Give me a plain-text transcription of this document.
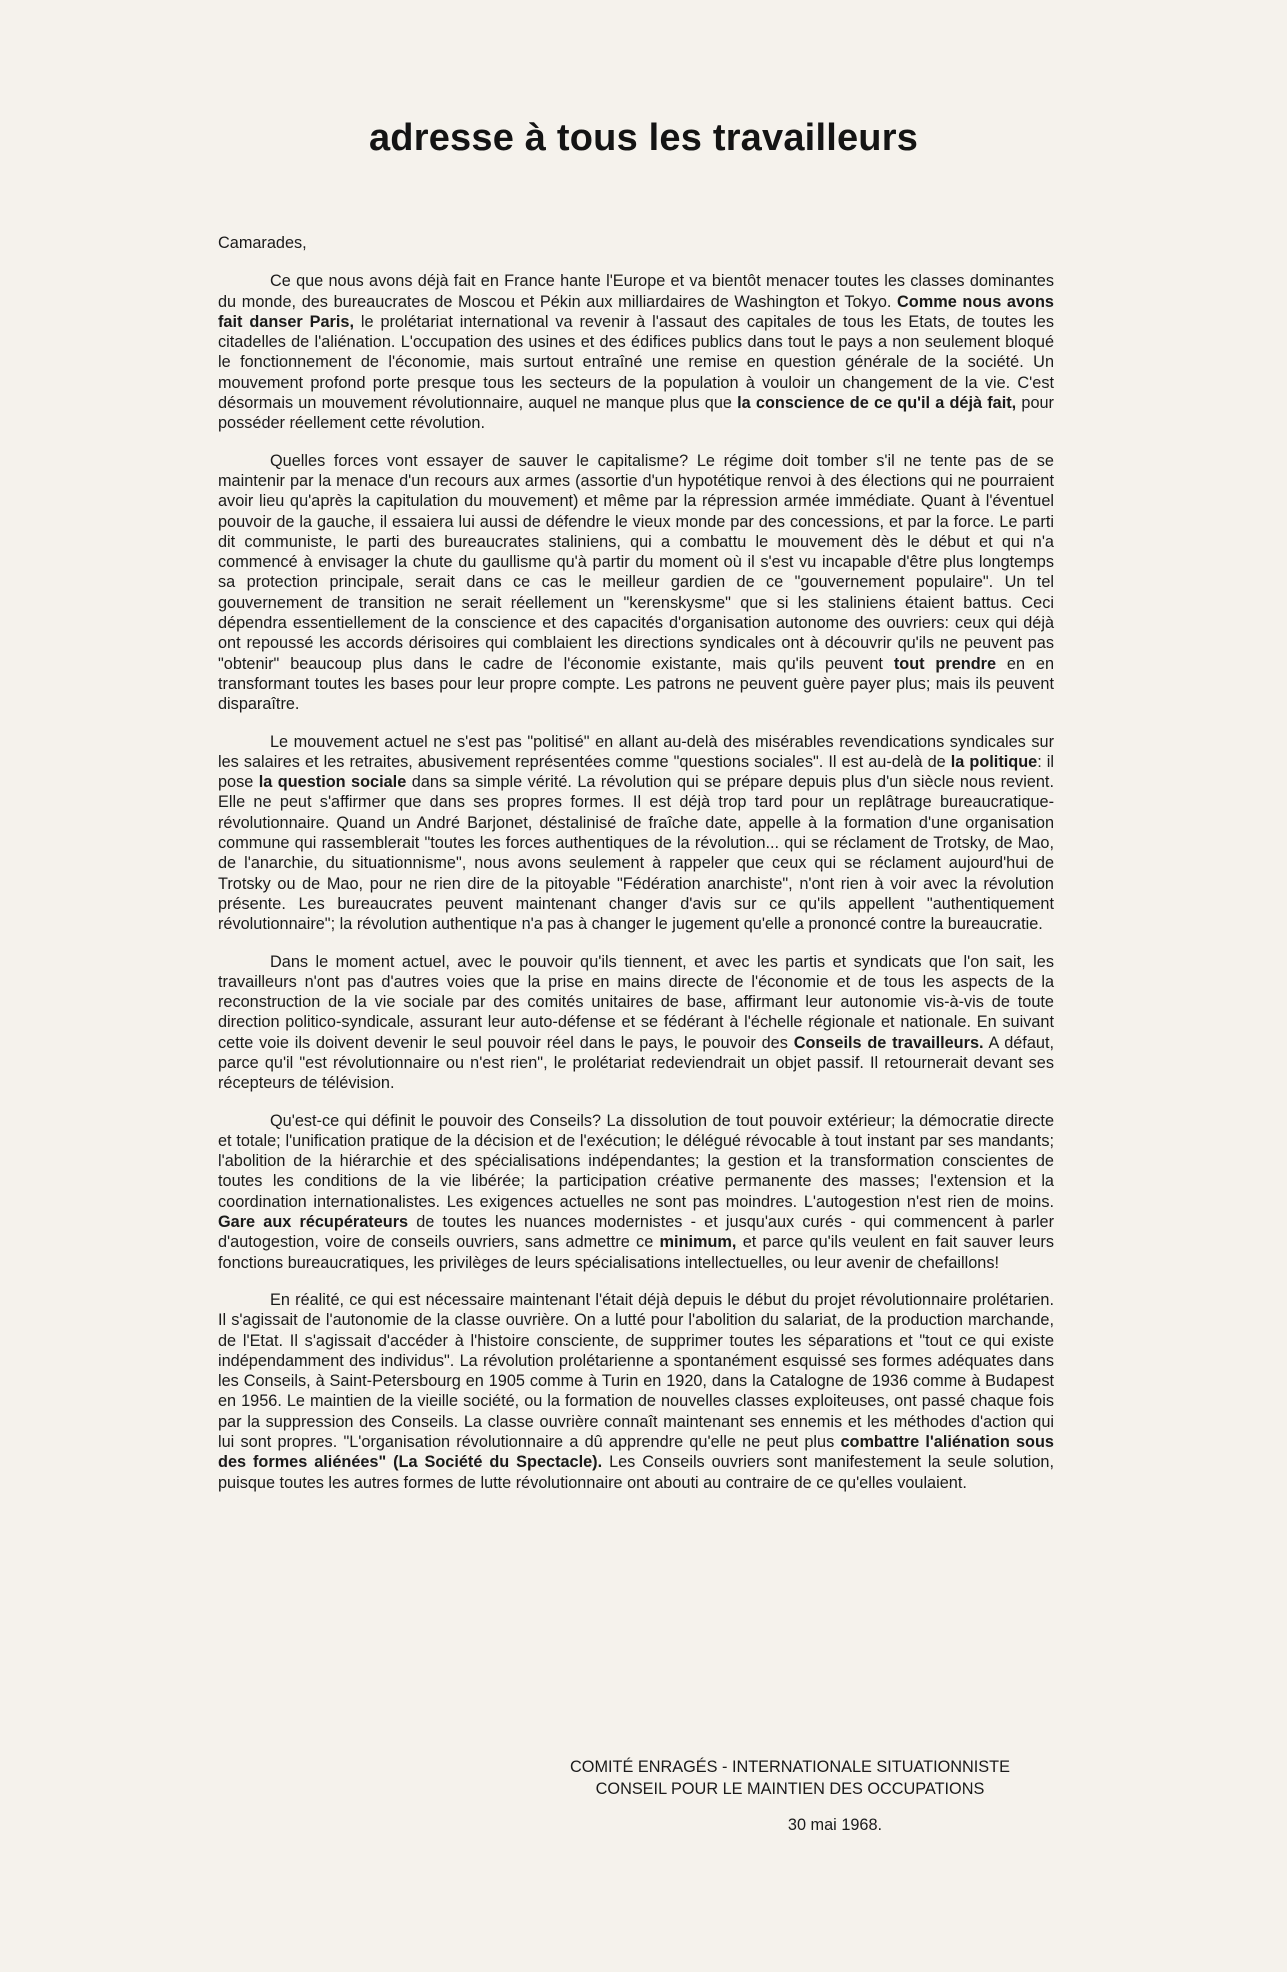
adresse à tous les travailleurs
Camarades,

Ce que nous avons déjà fait en France hante l'Europe et va bientôt menacer toutes les classes dominantes du monde, des bureaucrates de Moscou et Pékin aux milliardaires de Washington et Tokyo. Comme nous avons fait danser Paris, le prolétariat international va revenir à l'assaut des capitales de tous les Etats, de toutes les citadelles de l'aliénation. L'occupation des usines et des édifices publics dans tout le pays a non seulement bloqué le fonctionnement de l'économie, mais surtout entraîné une remise en question générale de la société. Un mouvement profond porte presque tous les secteurs de la population à vouloir un changement de la vie. C'est désormais un mouvement révolutionnaire, auquel ne manque plus que la conscience de ce qu'il a déjà fait, pour posséder réellement cette révolution.

Quelles forces vont essayer de sauver le capitalisme? Le régime doit tomber s'il ne tente pas de se maintenir par la menace d'un recours aux armes (assortie d'un hypotétique renvoi à des élections qui ne pourraient avoir lieu qu'après la capitulation du mouvement) et même par la répression armée immédiate. Quant à l'éventuel pouvoir de la gauche, il essaiera lui aussi de défendre le vieux monde par des concessions, et par la force. Le parti dit communiste, le parti des bureaucrates staliniens, qui a combattu le mouvement dès le début et qui n'a commencé à envisager la chute du gaullisme qu'à partir du moment où il s'est vu incapable d'être plus longtemps sa protection principale, serait dans ce cas le meilleur gardien de ce "gouvernement populaire". Un tel gouvernement de transition ne serait réellement un "kerenskysme" que si les staliniens étaient battus. Ceci dépendra essentiellement de la conscience et des capacités d'organisation autonome des ouvriers: ceux qui déjà ont repoussé les accords dérisoires qui comblaient les directions syndicales ont à découvrir qu'ils ne peuvent pas "obtenir" beaucoup plus dans le cadre de l'économie existante, mais qu'ils peuvent tout prendre en en transformant toutes les bases pour leur propre compte. Les patrons ne peuvent guère payer plus; mais ils peuvent disparaître.

Le mouvement actuel ne s'est pas "politisé" en allant au-delà des misérables revendications syndicales sur les salaires et les retraites, abusivement représentées comme "questions sociales". Il est au-delà de la politique: il pose la question sociale dans sa simple vérité. La révolution qui se prépare depuis plus d'un siècle nous revient. Elle ne peut s'affirmer que dans ses propres formes. Il est déjà trop tard pour un replâtrage bureaucratique-révolutionnaire. Quand un André Barjonet, déstalinisé de fraîche date, appelle à la formation d'une organisation commune qui rassemblerait "toutes les forces authentiques de la révolution... qui se réclament de Trotsky, de Mao, de l'anarchie, du situationnisme", nous avons seulement à rappeler que ceux qui se réclament aujourd'hui de Trotsky ou de Mao, pour ne rien dire de la pitoyable "Fédération anarchiste", n'ont rien à voir avec la révolution présente. Les bureaucrates peuvent maintenant changer d'avis sur ce qu'ils appellent "authentiquement révolutionnaire"; la révolution authentique n'a pas à changer le jugement qu'elle a prononcé contre la bureaucratie.

Dans le moment actuel, avec le pouvoir qu'ils tiennent, et avec les partis et syndicats que l'on sait, les travailleurs n'ont pas d'autres voies que la prise en mains directe de l'économie et de tous les aspects de la reconstruction de la vie sociale par des comités unitaires de base, affirmant leur autonomie vis-à-vis de toute direction politico-syndicale, assurant leur auto-défense et se fédérant à l'échelle régionale et nationale. En suivant cette voie ils doivent devenir le seul pouvoir réel dans le pays, le pouvoir des Conseils de travailleurs. A défaut, parce qu'il "est révolutionnaire ou n'est rien", le prolétariat redeviendrait un objet passif. Il retournerait devant ses récepteurs de télévision.

Qu'est-ce qui définit le pouvoir des Conseils? La dissolution de tout pouvoir extérieur; la démocratie directe et totale; l'unification pratique de la décision et de l'exécution; le délégué révocable à tout instant par ses mandants; l'abolition de la hiérarchie et des spécialisations indépendantes; la gestion et la transformation conscientes de toutes les conditions de la vie libérée; la participation créative permanente des masses; l'extension et la coordination internationalistes. Les exigences actuelles ne sont pas moindres. L'autogestion n'est rien de moins. Gare aux récupérateurs de toutes les nuances modernistes - et jusqu'aux curés - qui commencent à parler d'autogestion, voire de conseils ouvriers, sans admettre ce minimum, et parce qu'ils veulent en fait sauver leurs fonctions bureaucratiques, les privilèges de leurs spécialisations intellectuelles, ou leur avenir de chefaillons!

En réalité, ce qui est nécessaire maintenant l'était déjà depuis le début du projet révolutionnaire prolétarien. Il s'agissait de l'autonomie de la classe ouvrière. On a lutté pour l'abolition du salariat, de la production marchande, de l'Etat. Il s'agissait d'accéder à l'histoire consciente, de supprimer toutes les séparations et "tout ce qui existe indépendamment des individus". La révolution prolétarienne a spontanément esquissé ses formes adéquates dans les Conseils, à Saint-Petersbourg en 1905 comme à Turin en 1920, dans la Catalogne de 1936 comme à Budapest en 1956. Le maintien de la vieille société, ou la formation de nouvelles classes exploiteuses, ont passé chaque fois par la suppression des Conseils. La classe ouvrière connaît maintenant ses ennemis et les méthodes d'action qui lui sont propres. "L'organisation révolutionnaire a dû apprendre qu'elle ne peut plus combattre l'aliénation sous des formes aliénées" (La Société du Spectacle). Les Conseils ouvriers sont manifestement la seule solution, puisque toutes les autres formes de lutte révolutionnaire ont abouti au contraire de ce qu'elles voulaient.

COMITÉ ENRAGÉS - INTERNATIONALE SITUATIONNISTE
CONSEIL POUR LE MAINTIEN DES OCCUPATIONS
30 mai 1968.
